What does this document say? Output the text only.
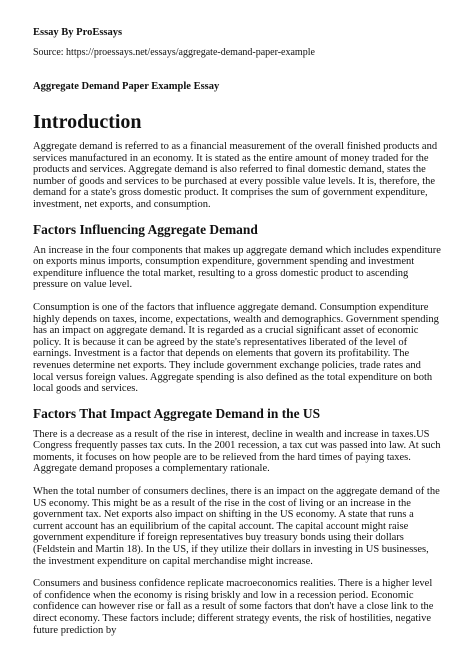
Essay By ProEssays

Source: https://proessays.net/essays/aggregate-demand-paper-example

Aggregate Demand Paper Example Essay

Introduction

Aggregate demand is referred to as a financial measurement of the overall finished products and services manufactured in an economy. It is stated as the entire amount of money traded for the products and services. Aggregate demand is also referred to final domestic demand, states the number of goods and services to be purchased at every possible value levels. It is, therefore, the demand for a state's gross domestic product. It comprises the sum of government expenditure, investment, net exports, and consumption.

Factors Influencing Aggregate Demand

An increase in the four components that makes up aggregate demand which includes expenditure on exports minus imports, consumption expenditure, government spending and investment expenditure influence the total market, resulting to a gross domestic product to ascending pressure on value level.

Consumption is one of the factors that influence aggregate demand. Consumption expenditure highly depends on taxes, income, expectations, wealth and demographics. Government spending has an impact on aggregate demand. It is regarded as a crucial significant asset of economic policy. It is because it can be agreed by the state's representatives liberated of the level of earnings. Investment is a factor that depends on elements that govern its profitability. The revenues determine net exports. They include government exchange policies, trade rates and local versus foreign values. Aggregate spending is also defined as the total expenditure on both local goods and services.

Factors That Impact Aggregate Demand in the US

There is a decrease as a result of the rise in interest, decline in wealth and increase in taxes.US Congress frequently passes tax cuts. In the 2001 recession, a tax cut was passed into law. At such moments, it focuses on how people are to be relieved from the hard times of paying taxes. Aggregate demand proposes a complementary rationale.

When the total number of consumers declines, there is an impact on the aggregate demand of the US economy. This might be as a result of the rise in the cost of living or an increase in the government tax. Net exports also impact on shifting in the US economy. A state that runs a current account has an equilibrium of the capital account. The capital account might raise government expenditure if foreign representatives buy treasury bonds using their dollars (Feldstein and Martin 18). In the US, if they utilize their dollars in investing in US businesses, the investment expenditure on capital merchandise might increase.

Consumers and business confidence replicate macroeconomics realities. There is a higher level of confidence when the economy is rising briskly and low in a recession period. Economic confidence can however rise or fall as a result of some factors that don't have a close link to the direct economy. These factors include; different strategy events, the risk of hostilities, negative future prediction by
